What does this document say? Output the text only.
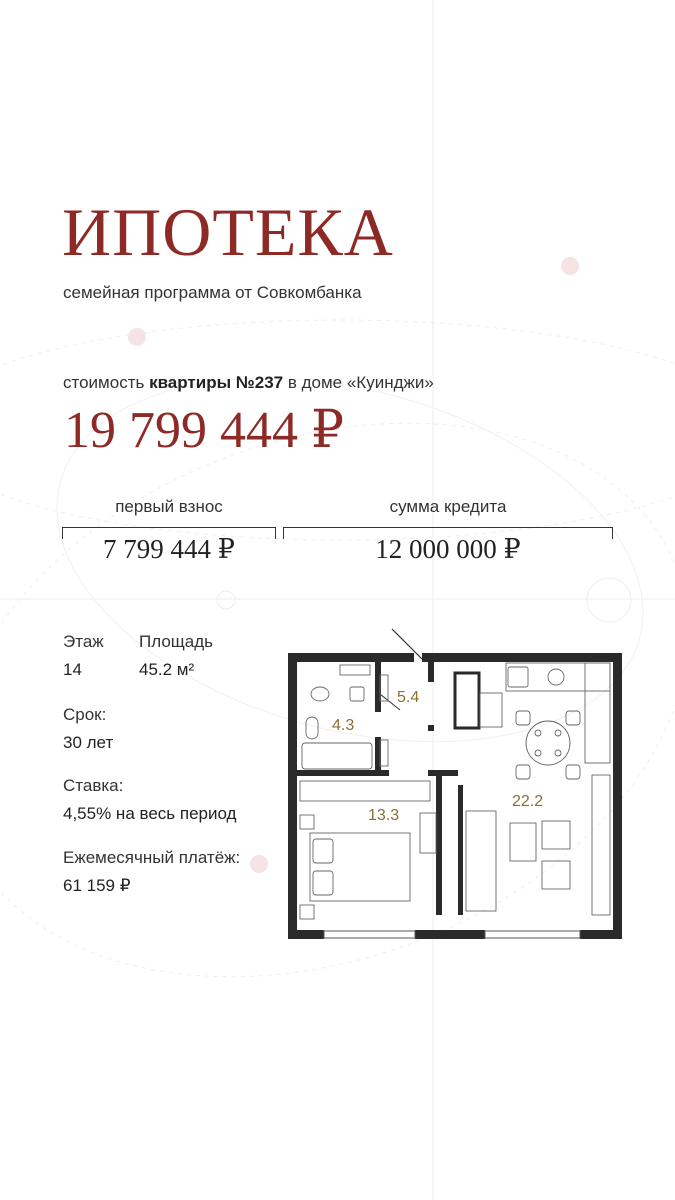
ИПОТЕКА

семейная программа от Совкомбанка

стоимость квартиры №237 в доме «Куинджи»
19 799 444 ₽
первый взнос
7 799 444 ₽
сумма кредита
12 000 000 ₽
Этаж
14
Площадь
45.2 м²
Срок:
30 лет
Ставка:
4,55% на весь период
Ежемесячный платёж:
61 159 ₽
5.4
4.3
13.3
22.2
